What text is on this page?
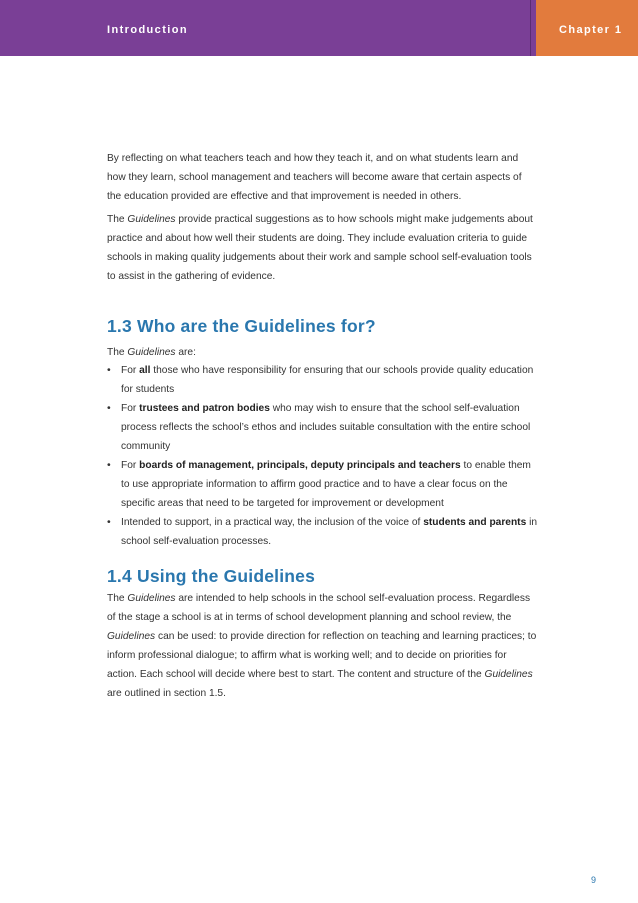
Introduction	Chapter 1

By reflecting on what teachers teach and how they teach it, and on what students learn and how they learn, school management and teachers will become aware that certain aspects of the education provided are effective and that improvement is needed in others.

The Guidelines provide practical suggestions as to how schools might make judgements about practice and about how well their students are doing. They include evaluation criteria to guide schools in making quality judgements about their work and sample school self-evaluation tools to assist in the gathering of evidence.

1.3 Who are the Guidelines for?

The Guidelines are:

• For all those who have responsibility for ensuring that our schools provide quality education for students
• For trustees and patron bodies who may wish to ensure that the school self-evaluation process reflects the school’s ethos and includes suitable consultation with the entire school community
• For boards of management, principals, deputy principals and teachers to enable them to use appropriate information to affirm good practice and to have a clear focus on the specific areas that need to be targeted for improvement or development
• Intended to support, in a practical way, the inclusion of the voice of students and parents in school self-evaluation processes.
1.4 Using the Guidelines

The Guidelines are intended to help schools in the school self-evaluation process. Regardless of the stage a school is at in terms of school development planning and school review, the Guidelines can be used: to provide direction for reflection on teaching and learning practices; to inform professional dialogue; to affirm what is working well; and to decide on priorities for action. Each school will decide where best to start. The content and structure of the Guidelines are outlined in section 1.5.

9
